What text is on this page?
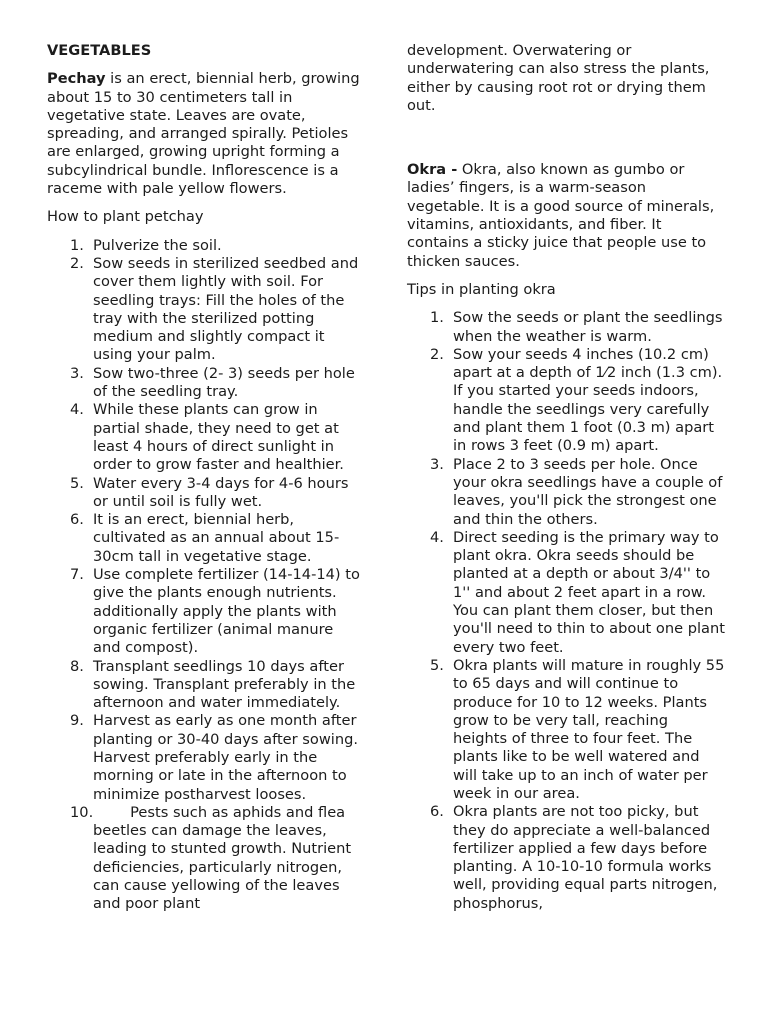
VEGETABLES

Pechay is an erect, biennial herb, growing about 15 to 30 centimeters tall in vegetative state. Leaves are ovate, spreading, and arranged spirally. Petioles are enlarged, growing upright forming a subcylindrical bundle. Inflorescence is a raceme with pale yellow flowers.

How to plant petchay

1. Pulverize the soil.
2. Sow seeds in sterilized seedbed and cover them lightly with soil. For seedling trays: Fill the holes of the tray with the sterilized potting medium and slightly compact it using your palm.
3. Sow two-three (2- 3) seeds per hole of the seedling tray.
4. While these plants can grow in partial shade, they need to get at least 4 hours of direct sunlight in order to grow faster and healthier.
5. Water every 3-4 days for 4-6 hours or until soil is fully wet.
6. It is an erect, biennial herb, cultivated as an annual about 15-30cm tall in vegetative stage.
7. Use complete fertilizer (14-14-14) to give the plants enough nutrients. additionally apply the plants with organic fertilizer (animal manure and compost).
8. Transplant seedlings 10 days after sowing. Transplant preferably in the afternoon and water immediately.
9. Harvest as early as one month after planting or 30-40 days after sowing. Harvest preferably early in the morning or late in the afternoon to minimize postharvest looses.
10. Pests such as aphids and flea beetles can damage the leaves, leading to stunted growth. Nutrient deficiencies, particularly nitrogen, can cause yellowing of the leaves and poor plant

development. Overwatering or underwatering can also stress the plants, either by causing root rot or drying them out.

Okra - Okra, also known as gumbo or ladies’ fingers, is a warm-season vegetable. It is a good source of minerals, vitamins, antioxidants, and fiber. It contains a sticky juice that people use to thicken sauces.

Tips in planting okra

1. Sow the seeds or plant the seedlings when the weather is warm.
2. Sow your seeds 4 inches (10.2 cm) apart at a depth of 1⁄2 inch (1.3 cm). If you started your seeds indoors, handle the seedlings very carefully and plant them 1 foot (0.3 m) apart in rows 3 feet (0.9 m) apart.
3. Place 2 to 3 seeds per hole. Once your okra seedlings have a couple of leaves, you'll pick the strongest one and thin the others.
4. Direct seeding is the primary way to plant okra. Okra seeds should be planted at a depth or about 3/4'' to 1'' and about 2 feet apart in a row. You can plant them closer, but then you'll need to thin to about one plant every two feet.
5. Okra plants will mature in roughly 55 to 65 days and will continue to produce for 10 to 12 weeks. Plants grow to be very tall, reaching heights of three to four feet. The plants like to be well watered and will take up to an inch of water per week in our area.
6. Okra plants are not too picky, but they do appreciate a well-balanced fertilizer applied a few days before planting. A 10-10-10 formula works well, providing equal parts nitrogen, phosphorus,
